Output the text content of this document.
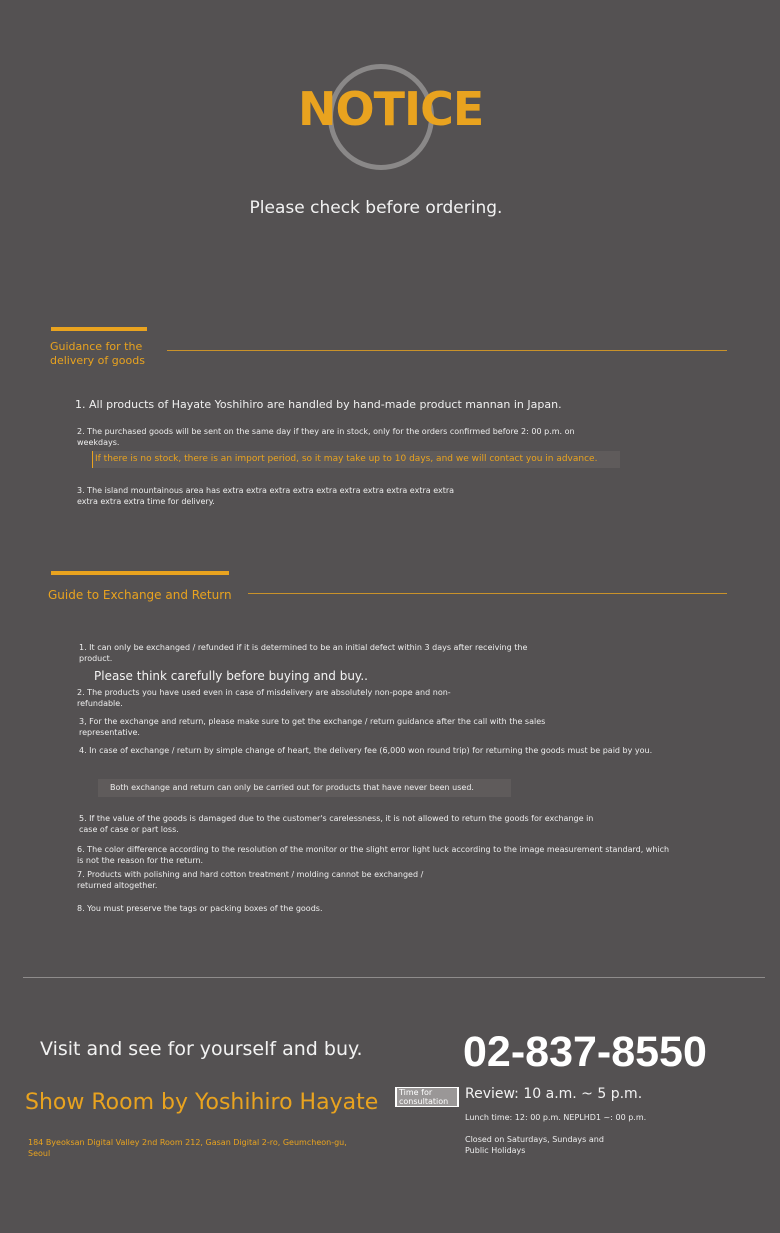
NOTICE
Please check before ordering.
Guidance for the
delivery of goods
1. All products of Hayate Yoshihiro are handled by hand-made product mannan in Japan.
2. The purchased goods will be sent on the same day if they are in stock, only for the orders confirmed before 2: 00 p.m. on weekdays.
If there is no stock, there is an import period, so it may take up to 10 days, and we will contact you in advance.
3. The island mountainous area has extra extra extra extra extra extra extra extra extra extra extra extra extra time for delivery.
Guide to Exchange and Return
1. It can only be exchanged / refunded if it is determined to be an initial defect within 3 days after receiving the product.
Please think carefully before buying and buy..
2. The products you have used even in case of misdelivery are absolutely non-pope and non-refundable.
3, For the exchange and return, please make sure to get the exchange / return guidance after the call with the sales representative.
4. In case of exchange / return by simple change of heart, the delivery fee (6,000 won round trip) for returning the goods must be paid by you.
Both exchange and return can only be carried out for products that have never been used.
5. If the value of the goods is damaged due to the customer's carelessness, it is not allowed to return the goods for exchange in case of case or part loss.
6. The color difference according to the resolution of the monitor or the slight error light luck according to the image measurement standard, which is not the reason for the return.
7. Products with polishing and hard cotton treatment / molding cannot be exchanged / returned altogether.
8. You must preserve the tags or packing boxes of the goods.
Visit and see for yourself and buy. 02-837-8550
Show Room by Yoshihiro Hayate
184 Byeoksan Digital Valley 2nd Room 212, Gasan Digital 2-ro, Geumcheon-gu, Seoul
Time for consultation	Review: 10 a.m. ~ 5 p.m.
Lunch time: 12: 00 p.m. NEPLHD1 ~: 00 p.m.
Closed on Saturdays, Sundays and Public Holidays
